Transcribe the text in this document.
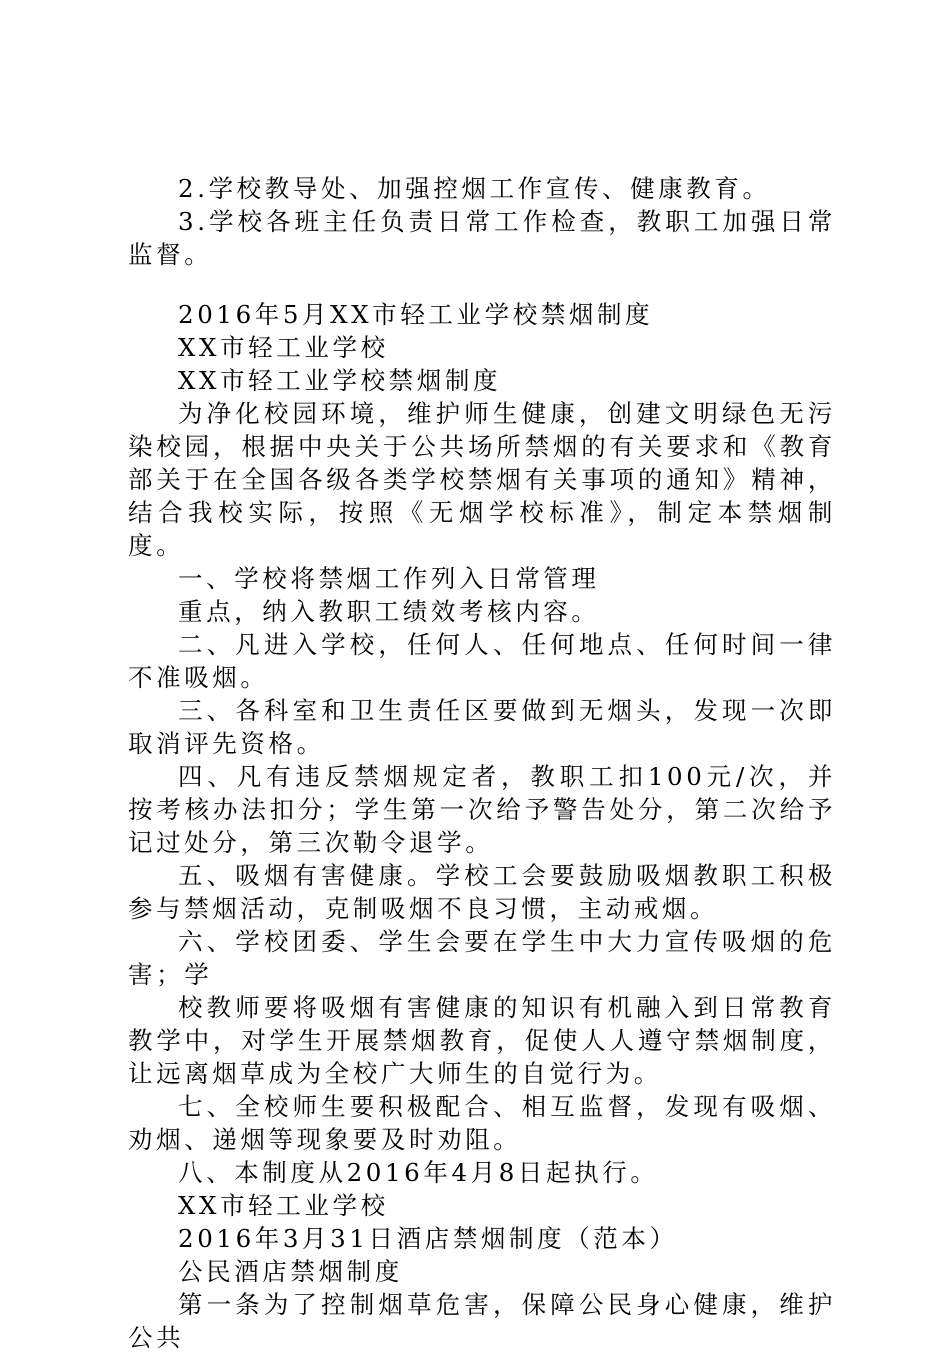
2.学校教导处、加强控烟工作宣传、健康教育。

3.学校各班主任负责日常工作检查，教职工加强日常监督。

2016年5月XX市轻工业学校禁烟制度

XX市轻工业学校

XX市轻工业学校禁烟制度

为净化校园环境，维护师生健康，创建文明绿色无污染校园，根据中央关于公共场所禁烟的有关要求和《教育部关于在全国各级各类学校禁烟有关事项的通知》精神，结合我校实际，按照《无烟学校标准》，制定本禁烟制度。

一、学校将禁烟工作列入日常管理

重点，纳入教职工绩效考核内容。

二、凡进入学校，任何人、任何地点、任何时间一律不准吸烟。

三、各科室和卫生责任区要做到无烟头，发现一次即取消评先资格。

四、凡有违反禁烟规定者，教职工扣100元/次，并按考核办法扣分；学生第一次给予警告处分，第二次给予记过处分，第三次勒令退学。

五、吸烟有害健康。学校工会要鼓励吸烟教职工积极参与禁烟活动，克制吸烟不良习惯，主动戒烟。

六、学校团委、学生会要在学生中大力宣传吸烟的危害；学

校教师要将吸烟有害健康的知识有机融入到日常教育教学中，对学生开展禁烟教育，促使人人遵守禁烟制度，让远离烟草成为全校广大师生的自觉行为。

七、全校师生要积极配合、相互监督，发现有吸烟、劝烟、递烟等现象要及时劝阻。

八、本制度从2016年4月8日起执行。

XX市轻工业学校

2016年3月31日酒店禁烟制度（范本）

公民酒店禁烟制度

第一条为了控制烟草危害，保障公民身心健康，维护公共
